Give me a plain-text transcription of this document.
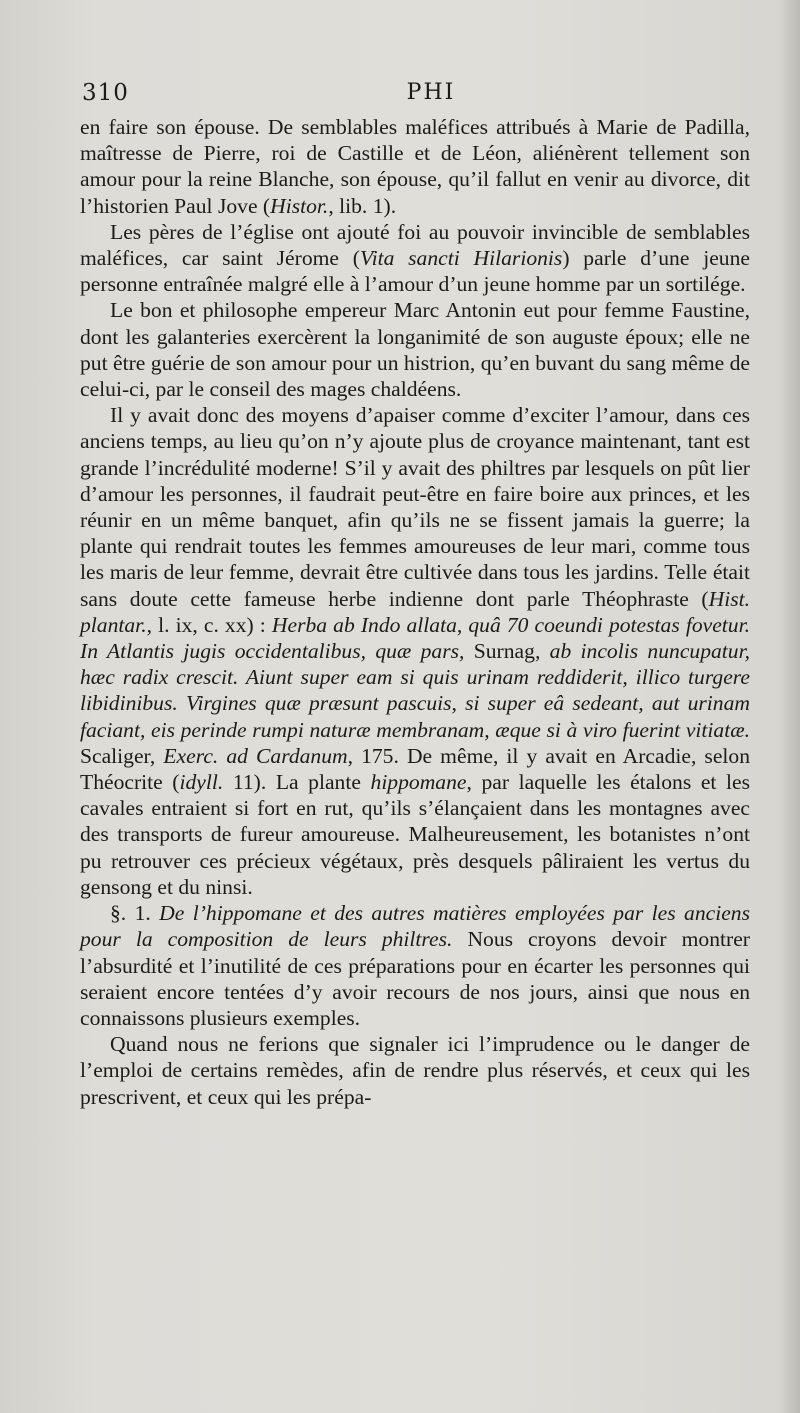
310	PHI

en faire son épouse. De semblables maléfices attribués à Marie de Padilla, maîtresse de Pierre, roi de Castille et de Léon, aliénèrent tellement son amour pour la reine Blanche, son épouse, qu’il fallut en venir au divorce, dit l’historien Paul Jove (Histor., lib. 1).

Les pères de l’église ont ajouté foi au pouvoir invincible de semblables maléfices, car saint Jérome (Vita sancti Hilarionis) parle d’une jeune personne entraînée malgré elle à l’amour d’un jeune homme par un sortilége.

Le bon et philosophe empereur Marc Antonin eut pour femme Faustine, dont les galanteries exercèrent la longanimité de son auguste époux; elle ne put être guérie de son amour pour un histrion, qu’en buvant du sang même de celui-ci, par le conseil des mages chaldéens.

Il y avait donc des moyens d’apaiser comme d’exciter l’amour, dans ces anciens temps, au lieu qu’on n’y ajoute plus de croyance maintenant, tant est grande l’incrédulité moderne! S’il y avait des philtres par lesquels on pût lier d’amour les personnes, il faudrait peut-être en faire boire aux princes, et les réunir en un même banquet, afin qu’ils ne se fissent jamais la guerre; la plante qui rendrait toutes les femmes amoureuses de leur mari, comme tous les maris de leur femme, devrait être cultivée dans tous les jardins. Telle était sans doute cette fameuse herbe indienne dont parle Théophraste (Hist. plantar., l. ix, c. xx) : Herba ab Indo allata, quâ 70 coeundi potestas fovetur. In Atlantis jugis occidentalibus, quæ pars, Surnag, ab incolis nuncupatur, hæc radix crescit. Aiunt super eam si quis urinam reddiderit, illico turgere libidinibus. Virgines quæ præsunt pascuis, si super eâ sedeant, aut urinam faciant, eis perinde rumpi naturæ membranam, æque si à viro fuerint vitiatæ. Scaliger, Exerc. ad Cardanum, 175. De même, il y avait en Arcadie, selon Théocrite (idyll. 11). La plante hippomane, par laquelle les étalons et les cavales entraient si fort en rut, qu’ils s’élançaient dans les montagnes avec des transports de fureur amoureuse. Malheureusement, les botanistes n’ont pu retrouver ces précieux végétaux, près desquels pâliraient les vertus du gensong et du ninsi.

§. 1. De l’hippomane et des autres matières employées par les anciens pour la composition de leurs philtres. Nous croyons devoir montrer l’absurdité et l’inutilité de ces préparations pour en écarter les personnes qui seraient encore tentées d’y avoir recours de nos jours, ainsi que nous en connaissons plusieurs exemples.

Quand nous ne ferions que signaler ici l’imprudence ou le danger de l’emploi de certains remèdes, afin de rendre plus réservés, et ceux qui les prescrivent, et ceux qui les prépa-
